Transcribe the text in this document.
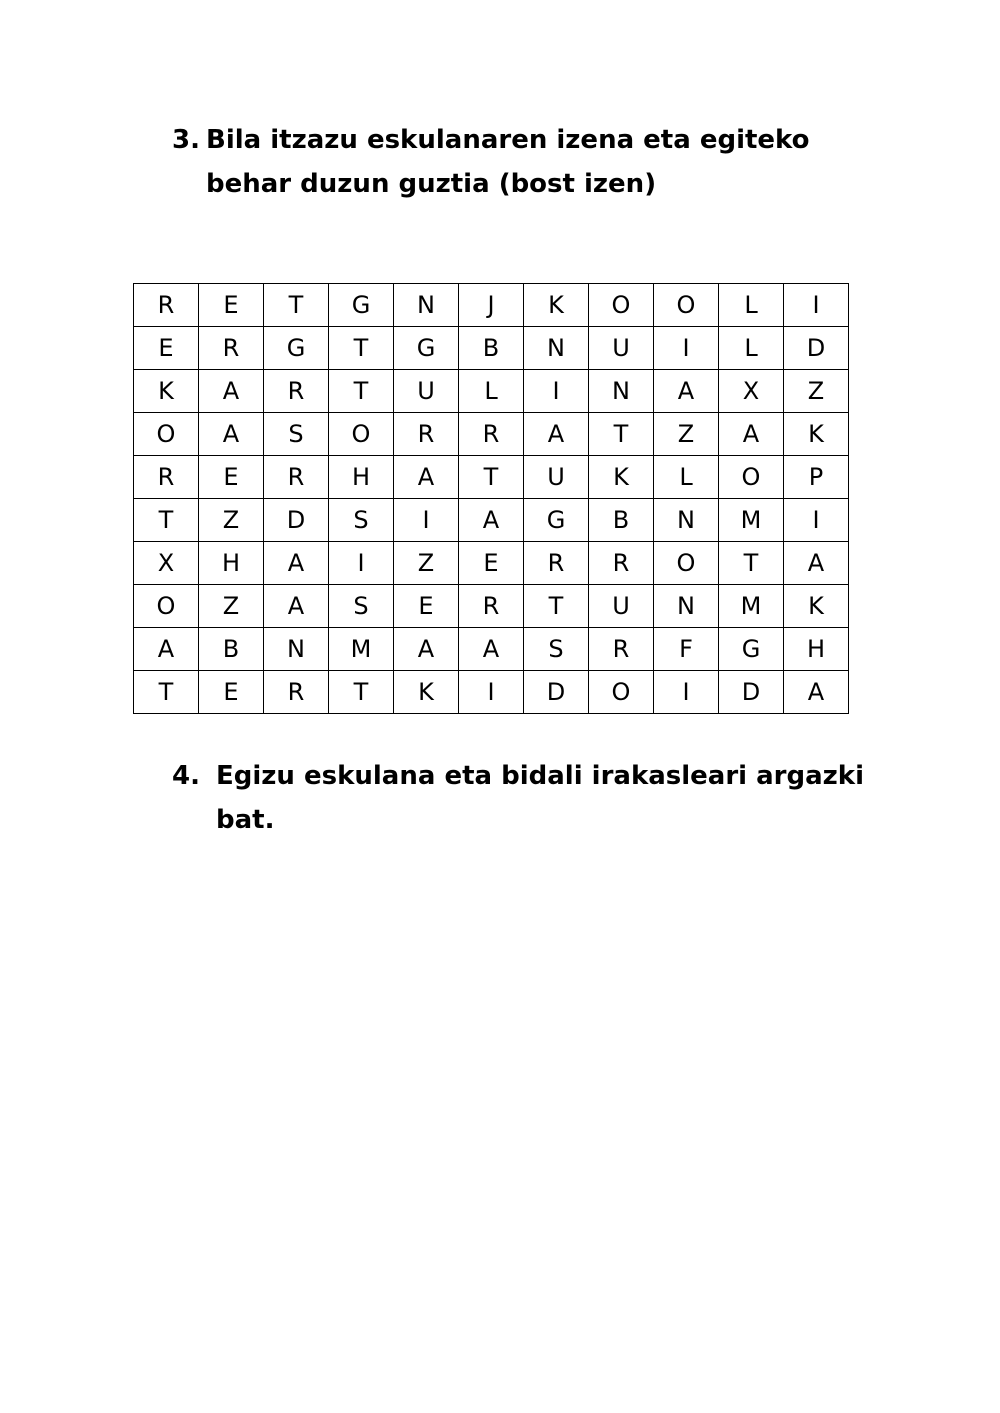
3. Bila itzazu eskulanaren izena eta egiteko
behar duzun guztia (bost izen)
R	E	T	G	N	J	K	O	O	L	I
E	R	G	T	G	B	N	U	I	L	D
K	A	R	T	U	L	I	N	A	X	Z
O	A	S	O	R	R	A	T	Z	A	K
R	E	R	H	A	T	U	K	L	O	P
T	Z	D	S	I	A	G	B	N	M	I
X	H	A	I	Z	E	R	R	O	T	A
O	Z	A	S	E	R	T	U	N	M	K
A	B	N	M	A	A	S	R	F	G	H
T	E	R	T	K	I	D	O	I	D	A
4. Egizu eskulana eta bidali irakasleari argazki
bat.
